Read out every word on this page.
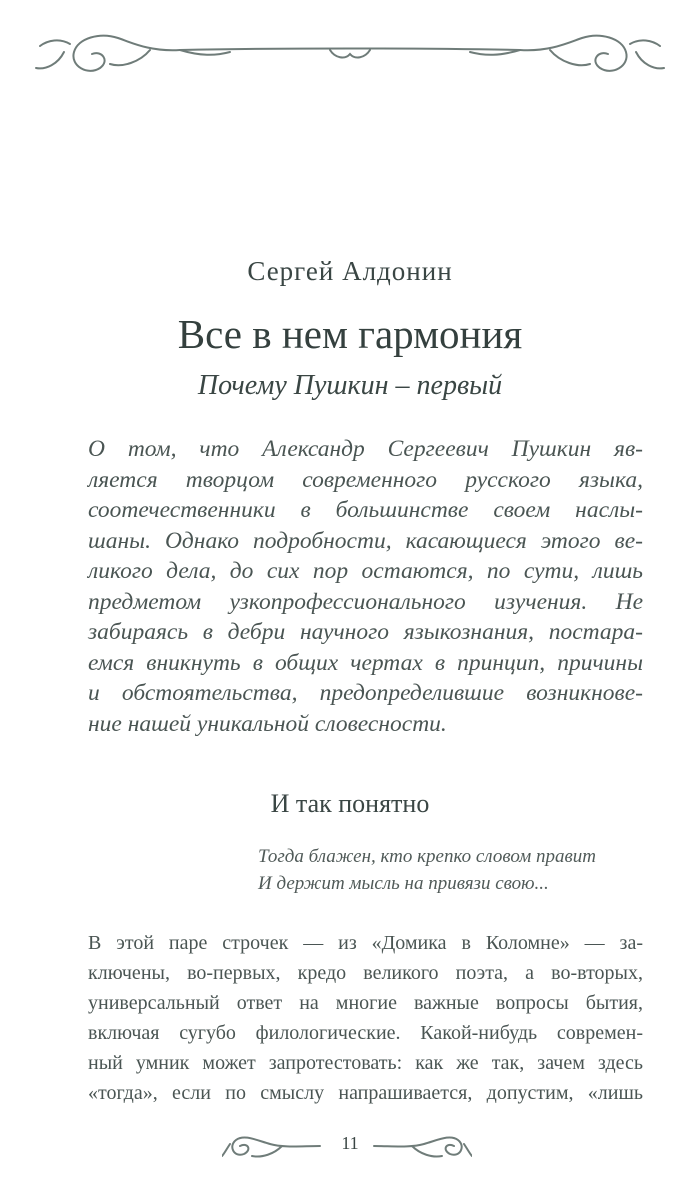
Сергей Алдонин
Все в нем гармония
Почему Пушкин – первый
О том, что Александр Сергеевич Пушкин яв-
ляется творцом современного русского языка,
соотечественники в большинстве своем наслы-
шаны. Однако подробности, касающиеся этого ве-
ликого дела, до сих пор остаются, по сути, лишь
предметом узкопрофессионального изучения. Не
забираясь в дебри научного языкознания, постара-
емся вникнуть в общих чертах в принцип, причины
и обстоятельства, предопределившие возникнове-
ние нашей уникальной словесности.
И так понятно
Тогда блажен, кто крепко словом правит
И держит мысль на привязи свою...
В этой паре строчек — из «Домика в Коломне» — за-
ключены, во-первых, кредо великого поэта, а во-вторых,
универсальный ответ на многие важные вопросы бытия,
включая сугубо филологические. Какой-нибудь современ-
ный умник может запротестовать: как же так, зачем здесь
«тогда», если по смыслу напрашивается, допустим, «лишь
11
